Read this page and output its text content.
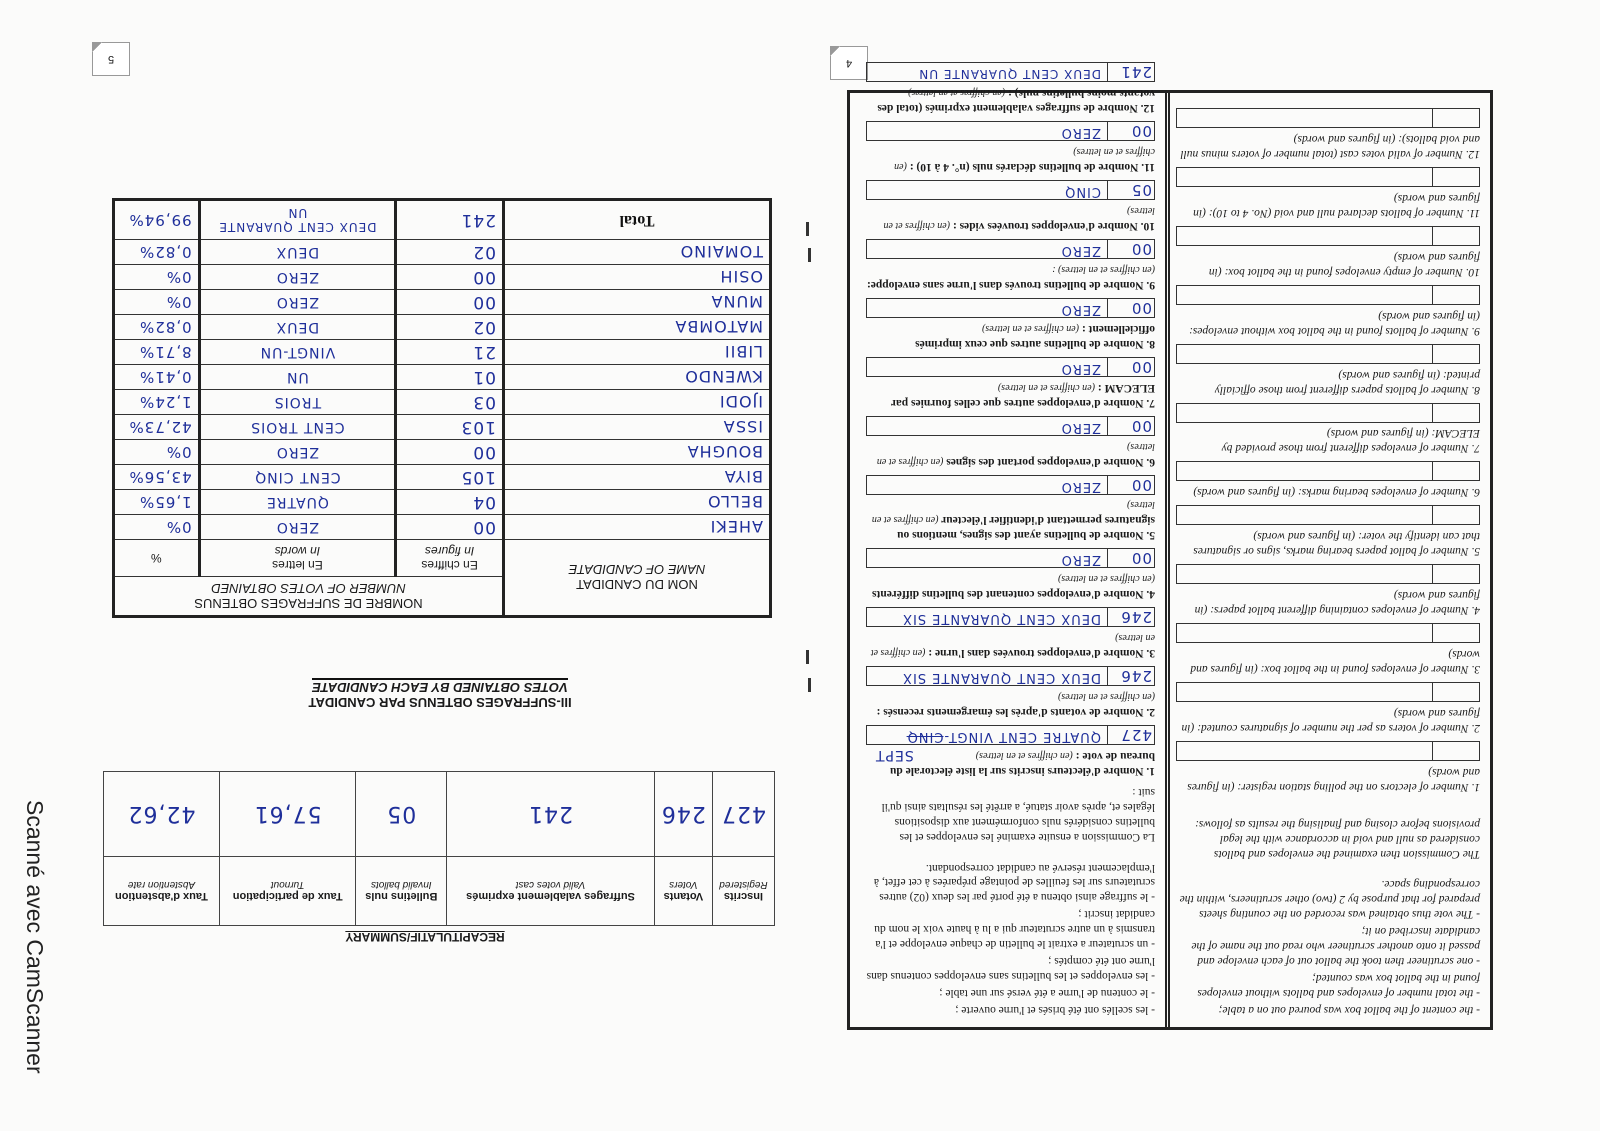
Scanné avec CamScanner
5	4
RECAPITULATIF/SUMMARY
Inscrits
Registered	Votants
Voters	Suffrages valablement exprimés
Valid votes cast	Bulletins nuls
Invalid ballots	Taux de participation
Turnout	Taux d'abstention
Abstention rate

427	246	241	05	57,61	42,62
III-SUFFRAGES OBTENUS PAR CANDIDAT
VOTES OBTAINED BY EACH CANDIDATE
NOM DU CANDIDAT
NAME OF CANDIDATE

NOMBRE DE SUFFRAGES OBTENUS
NUMBER OF VOTES OBTAINED

En chiffres
In figures

En lettres
In words
	%
AHEKI	00	ZERO	0%
BELLO	04	QUATRE	1,65%
BIYA	105	CENT CINQ	43,56%
BOUGHA	00	ZERO	0%
ISSA	103	CENT TROIS	42,73%
IJODI	03	TROIS	1,24%
KWENDO	01	UN	0,41%
LIBII	21	VINGT-UN	8,71%
MATOMBA	02	DEUX	0,82%
MUNA	00	ZERO	0%
OSIH	00	ZERO	0%
TOMAINO	02	DEUX	0,82%
Total	241	DEUX CENT QUARANTE UN	99,94%

- les scellés ont été brisés et l'urne ouverte ;

- le contenu de l'urne a été versé sur une table ;

- les enveloppes et les bulletins sans enveloppes contenus dans l'urne ont été comptés ;

- un scrutateur a extrait le bulletin de chaque enveloppe et l'a transmis à un autre scrutateur qui a lu à haute voix le nom du candidat inscrit ;

- le suffrage ainsi obtenu a été porté par les deux (02) autres scrutateurs sur les feuilles de pointage préparées à cet effet, à l'emplacement réservé au candidat correspondant.

La Commission a ensuite examiné les enveloppes et les bulletins considérés nuls conformément aux dispositions légales et, après avoir statué, a arrêté les résultats ainsi qu'il suit :

1. Nombre d'électeurs inscrits sur la liste électorale du bureau de vote : (en chiffres et en lettres)
427
QUATRE CENT VINGT-CINQ
SEPT
2. Nombre de votants d'après les émargements recensés : (en chiffres et en lettres)
246
DEUX CENT QUARANTE SIX
3. Nombre d'enveloppes trouvées dans l'urne : (en chiffres et en lettres)
246
DEUX CENT QUARANTE SIX
4. Nombre d'enveloppes contenant des bulletins différents (en chiffres et en lettres)
00
ZERO
5. Nombre de bulletins ayant des signes, mentions ou signatures permettant d'identifier l'électeur (en chiffres et en lettres)
00
ZERO
6. Nombre d'enveloppes portant des signes (en chiffres et en lettres)
00
ZERO
7. Nombre d'enveloppes autres que celles fournies par ELECAM : (en chiffres et en lettres)
00
ZERO
8. Nombre de bulletins autres que ceux imprimés officiellement : (en chiffres et en lettres)
00
ZERO
9. Nombre de bulletins trouvés dans l'urne sans enveloppe: (en chiffres et en lettres) :
00
ZERO
10. Nombre d'enveloppes trouvées vides : (en chiffres et en lettres)
05
CINQ
11. Nombre de bulletins déclarés nuls (n°. 4 à 10) : (en chiffres et en lettres)
00
ZERO
12. Nombre de suffrages valablement exprimés (total des votants moins bulletins nuls) : (en chiffres et en lettres)
241
DEUX CENT QUARANTE UN

- the content of the ballot box was poured out on a table;

- the total number of envelopes and ballots without envelopes found in the ballot box was counted;

- one scrutineer then took the ballot out of each envelope and passed it onto another scrutineer who read out the name of the candidate inscribed on it;

- The vote thus obtained was recorded on the counting sheets prepared for that purpose by 2 (two) other scrutineers, within the corresponding space.

The Commission then examined the envelopes and ballots considered as null and void in accordance with the legal provisions before closing and finalising the results as follows:

1. Number of electors on the polling station register: (in figures and words)
2. Number of voters as per the number of signatures counted: (in figures and words)
3. Number of envelopes found in the ballot box: (in figures and words)
4. Number of envelopes containing different ballot papers: (in figures and words)
5. Number of ballot papers bearing marks, signs or signatures that can identify the voter: (in figures and words)
6. Number of envelopes bearing marks: (in figures and words)
7. Number of envelopes different from those provided by ELECAM: (in figures and words)
8. Number of ballots papers different from those officially printed: (in figures and words)
9. Number of ballots found in the ballot box without envelopes: (in figures and words)
10. Number of empty envelopes found in the ballot box: (in figures and words)
11. Number of ballots declared null and void (No. 4 to 10): (in figures and words)
12. Number of valid votes cast (total number of voters minus null and void ballots): (in figures and words)
